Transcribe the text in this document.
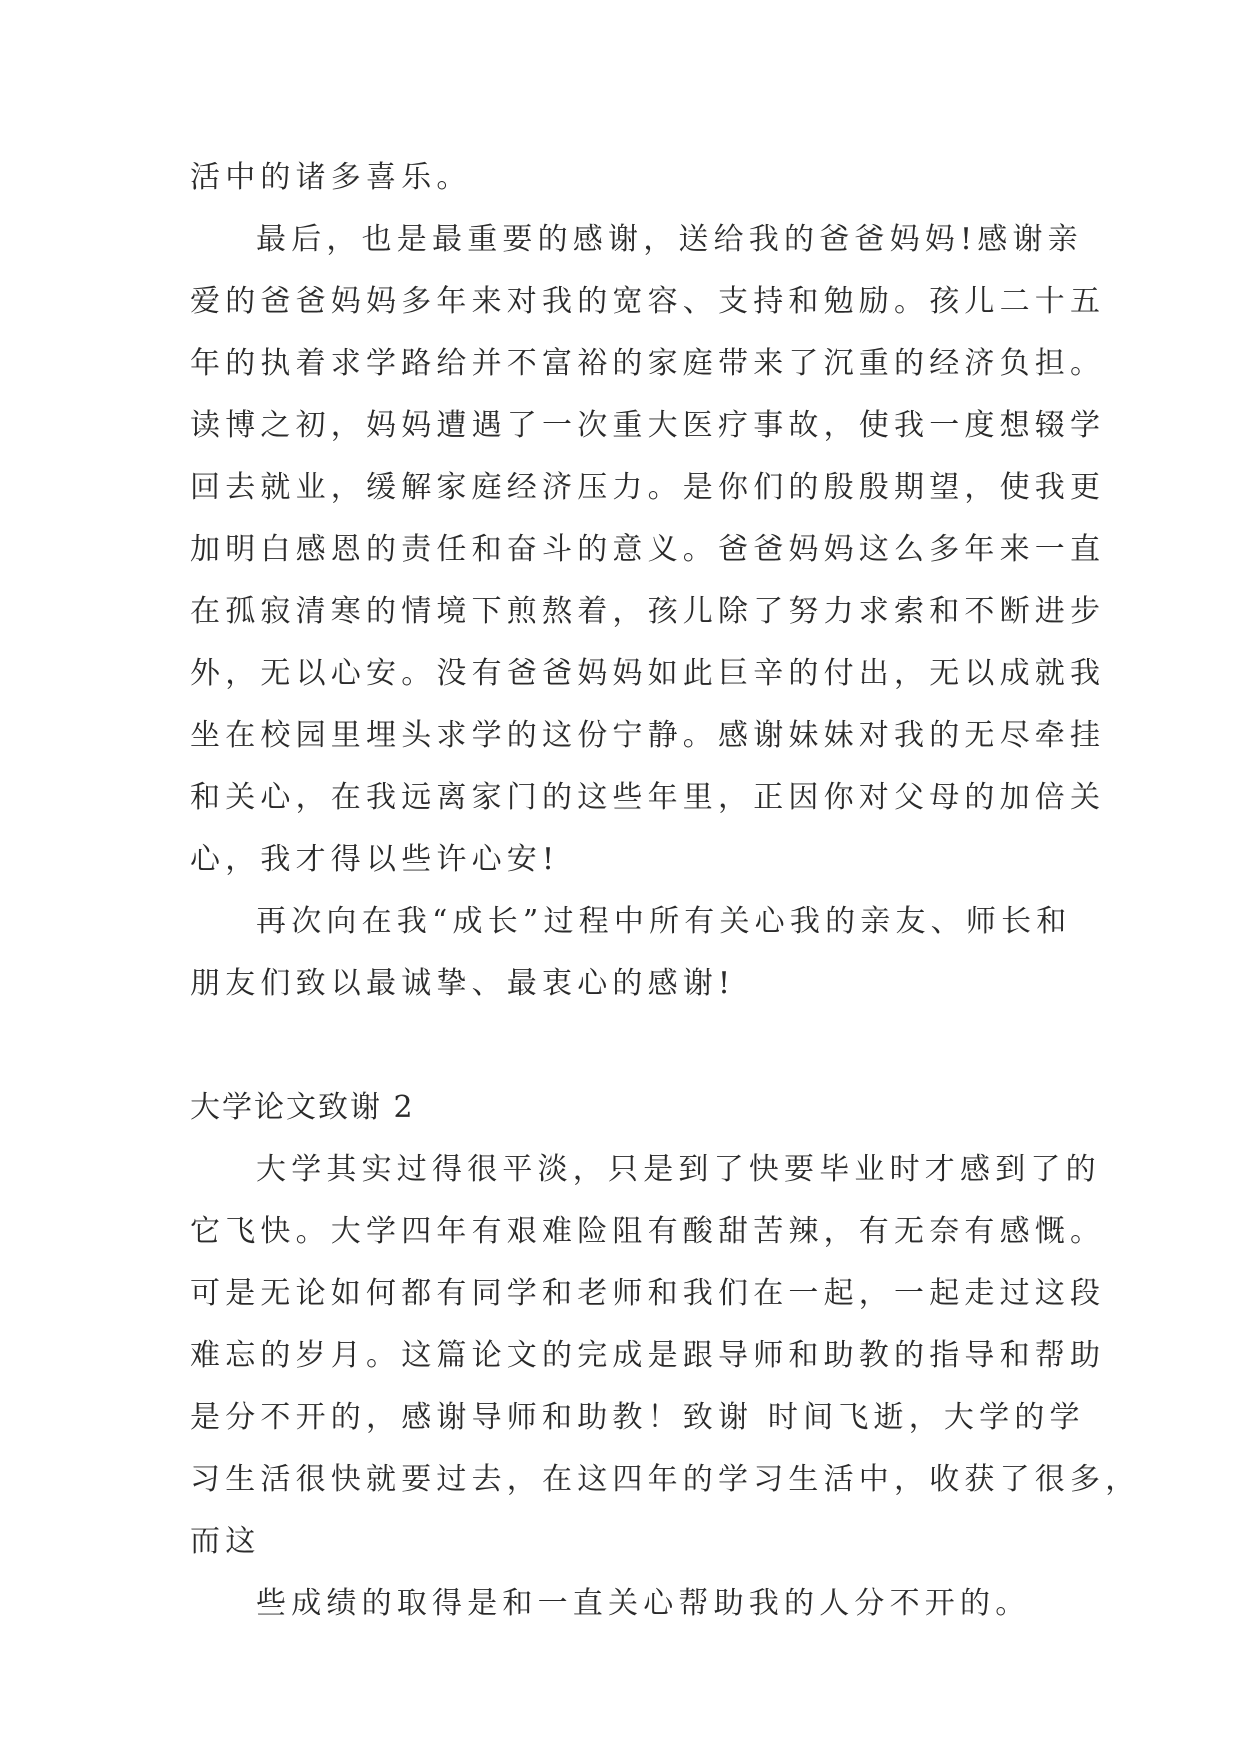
活中的诸多喜乐。
最后，也是最重要的感谢，送给我的爸爸妈妈!感谢亲
爱的爸爸妈妈多年来对我的宽容、支持和勉励。孩儿二十五
年的执着求学路给并不富裕的家庭带来了沉重的经济负担。
读博之初，妈妈遭遇了一次重大医疗事故，使我一度想辍学
回去就业，缓解家庭经济压力。是你们的殷殷期望，使我更
加明白感恩的责任和奋斗的意义。爸爸妈妈这么多年来一直
在孤寂清寒的情境下煎熬着，孩儿除了努力求索和不断进步
外，无以心安。没有爸爸妈妈如此巨辛的付出，无以成就我
坐在校园里埋头求学的这份宁静。感谢妹妹对我的无尽牵挂
和关心，在我远离家门的这些年里，正因你对父母的加倍关
心，我才得以些许心安!
再次向在我“成长”过程中所有关心我的亲友、师长和
朋友们致以最诚挚、最衷心的感谢!
大学论文致谢 2
大学其实过得很平淡，只是到了快要毕业时才感到了的
它飞快。大学四年有艰难险阻有酸甜苦辣，有无奈有感慨。
可是无论如何都有同学和老师和我们在一起，一起走过这段
难忘的岁月。这篇论文的完成是跟导师和助教的指导和帮助
是分不开的，感谢导师和助教！致谢 时间飞逝，大学的学
习生活很快就要过去，在这四年的学习生活中，收获了很多，
而这
些成绩的取得是和一直关心帮助我的人分不开的。
